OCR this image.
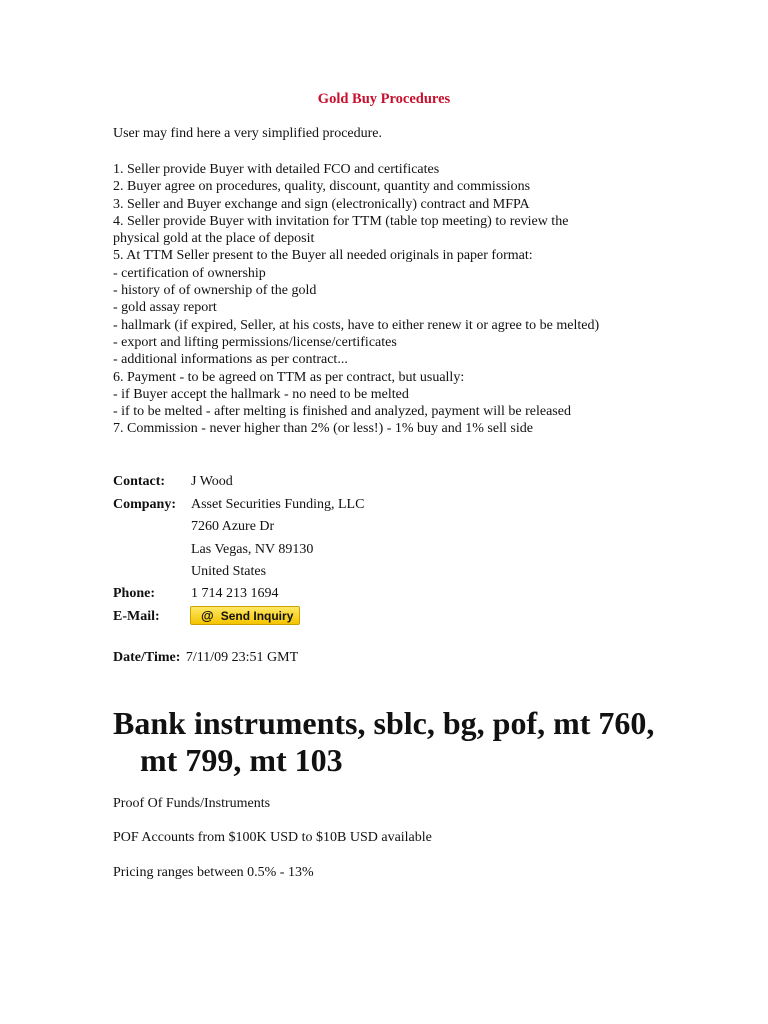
Gold Buy Procedures
User may find here a very simplified procedure.
1. Seller provide Buyer with detailed FCO and certificates
2. Buyer agree on procedures, quality, discount, quantity and commissions
3. Seller and Buyer exchange and sign (electronically) contract and MFPA
4. Seller provide Buyer with invitation for TTM (table top meeting) to review the
physical gold at the place of deposit
5. At TTM Seller present to the Buyer all needed originals in paper format:
- certification of ownership
- history of of ownership of the gold
- gold assay report
- hallmark (if expired, Seller, at his costs, have to either renew it or agree to be melted)
- export and lifting permissions/license/certificates
- additional informations as per contract...
6. Payment - to be agreed on TTM as per contract, but usually:
- if Buyer accept the hallmark - no need to be melted
- if to be melted - after melting is finished and analyzed, payment will be released
7. Commission - never higher than 2% (or less!) - 1% buy and 1% sell side
Contact: J Wood
Company: Asset Securities Funding, LLC
7260 Azure Dr
Las Vegas, NV 89130
United States
Phone:	1 714 213 1694
E-Mail:	@ Send Inquiry
Date/Time: 7/11/09 23:51 GMT
Bank instruments, sblc, bg, pof, mt 760,
mt 799, mt 103
Proof Of Funds/Instruments
POF Accounts from $100K USD to $10B USD available
Pricing ranges between 0.5% - 13%
